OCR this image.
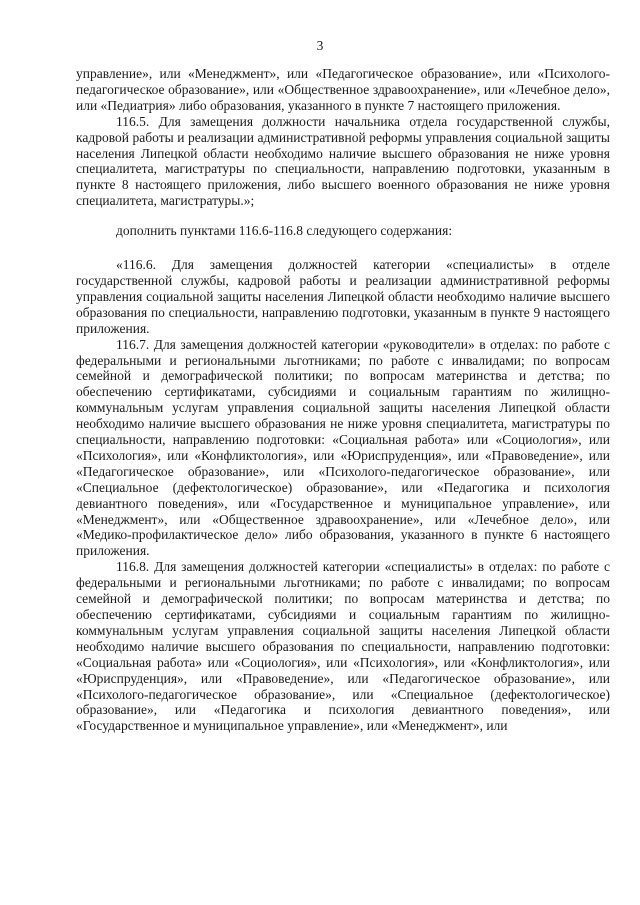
3

управление», или «Менеджмент», или «Педагогическое образование», или «Психолого-педагогическое образование», или «Общественное здравоохранение», или «Лечебное дело», или «Педиатрия» либо образования, указанного в пункте 7 настоящего приложения.

116.5. Для замещения должности начальника отдела государственной службы, кадровой работы и реализации административной реформы управления социальной защиты населения Липецкой области необходимо наличие высшего образования не ниже уровня специалитета, магистратуры по специальности, направлению подготовки, указанным в пункте 8 настоящего приложения, либо высшего военного образования не ниже уровня специалитета, магистратуры.»;

дополнить пунктами 116.6-116.8 следующего содержания:

«116.6. Для замещения должностей категории «специалисты» в отделе государственной службы, кадровой работы и реализации административной реформы управления социальной защиты населения Липецкой области необходимо наличие высшего образования по специальности, направлению подготовки, указанным в пункте 9 настоящего приложения.

116.7. Для замещения должностей категории «руководители» в отделах: по работе с федеральными и региональными льготниками; по работе с инвалидами; по вопросам семейной и демографической политики; по вопросам материнства и детства; по обеспечению сертификатами, субсидиями и социальным гарантиям по жилищно-коммунальным услугам управления социальной защиты населения Липецкой области необходимо наличие высшего образования не ниже уровня специалитета, магистратуры по специальности, направлению подготовки: «Социальная работа» или «Социология», или «Психология», или «Конфликтология», или «Юриспруденция», или «Правоведение», или «Педагогическое образование», или «Психолого-педагогическое образование», или «Специальное (дефектологическое) образование», или «Педагогика и психология девиантного поведения», или «Государственное и муниципальное управление», или «Менеджмент», или «Общественное здравоохранение», или «Лечебное дело», или «Медико-профилактическое дело» либо образования, указанного в пункте 6 настоящего приложения.

116.8. Для замещения должностей категории «специалисты» в отделах: по работе с федеральными и региональными льготниками; по работе с инвалидами; по вопросам семейной и демографической политики; по вопросам материнства и детства; по обеспечению сертификатами, субсидиями и социальным гарантиям по жилищно-коммунальным услугам управления социальной защиты населения Липецкой области необходимо наличие высшего образования по специальности, направлению подготовки: «Социальная работа» или «Социология», или «Психология», или «Конфликтология», или «Юриспруденция», или «Правоведение», или «Педагогическое образование», или «Психолого-педагогическое образование», или «Специальное (дефектологическое) образование», или «Педагогика и психология девиантного поведения», или «Государственное и муниципальное управление», или «Менеджмент», или
